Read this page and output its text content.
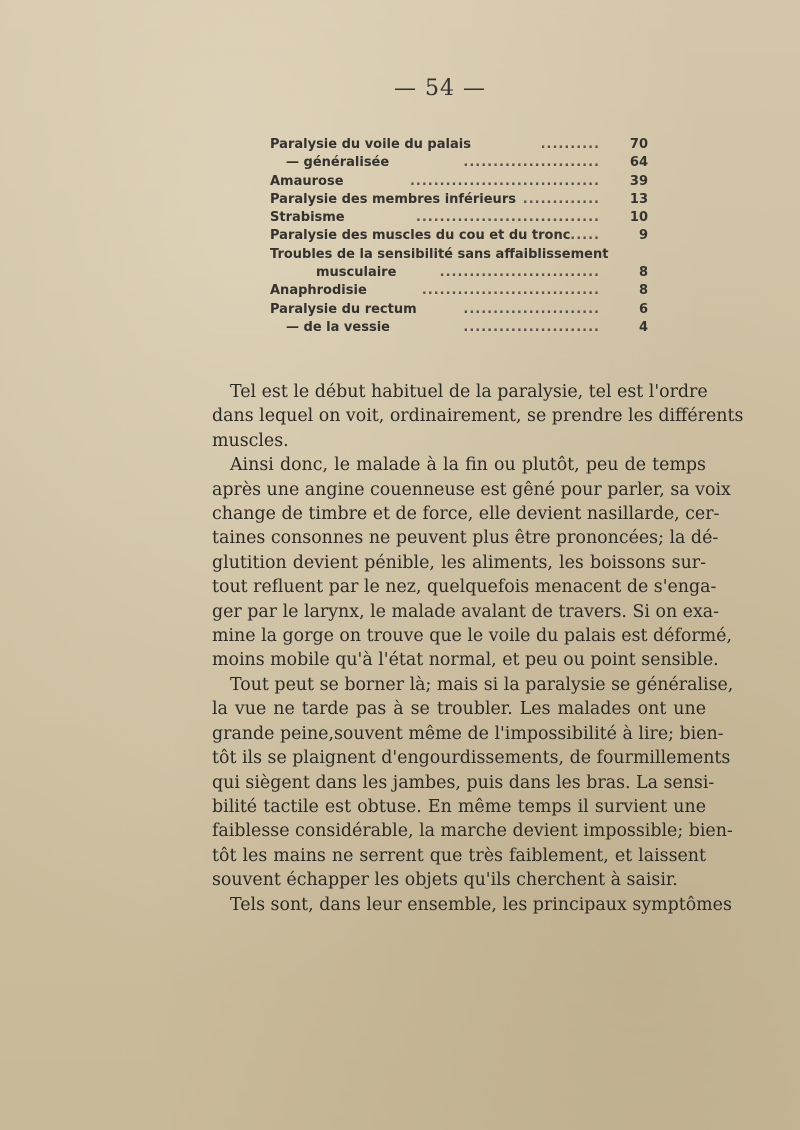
— 54 —
Paralysie du voile du palais	..........	70
— généralisée	.......................	64
Amaurose	................................	39
Paralysie des membres inférieurs .............	13
Strabisme	...............................	10
Paralysie des muscles du cou et du tronc .....	9
Troubles de la sensibilité sans affaiblissement
musculaire	...........................	8
Anaphrodisie	..............................	8
Paralysie du rectum	.......................	6
— de la vessie	.......................	4

Tel est le début habituel de la paralysie, tel est l'ordre
dans lequel on voit, ordinairement, se prendre les différents
muscles.

Ainsi donc, le malade à la fin ou plutôt, peu de temps
après une angine couenneuse est gêné pour parler, sa voix
change de timbre et de force, elle devient nasillarde, cer-
taines consonnes ne peuvent plus être prononcées; la dé-
glutition devient pénible, les aliments, les boissons sur-
tout refluent par le nez, quelquefois menacent de s'enga-
ger par le larynx, le malade avalant de travers. Si on exa-
mine la gorge on trouve que le voile du palais est déformé,
moins mobile qu'à l'état normal, et peu ou point sensible.

Tout peut se borner là; mais si la paralysie se généralise,
la vue ne tarde pas à se troubler. Les malades ont une
grande peine,souvent même de l'impossibilité à lire; bien-
tôt ils se plaignent d'engourdissements, de fourmillements
qui siègent dans les jambes, puis dans les bras. La sensi-
bilité tactile est obtuse. En même temps il survient une
faiblesse considérable, la marche devient impossible; bien-
tôt les mains ne serrent que très faiblement, et laissent
souvent échapper les objets qu'ils cherchent à saisir.

Tels sont, dans leur ensemble, les principaux symptômes
